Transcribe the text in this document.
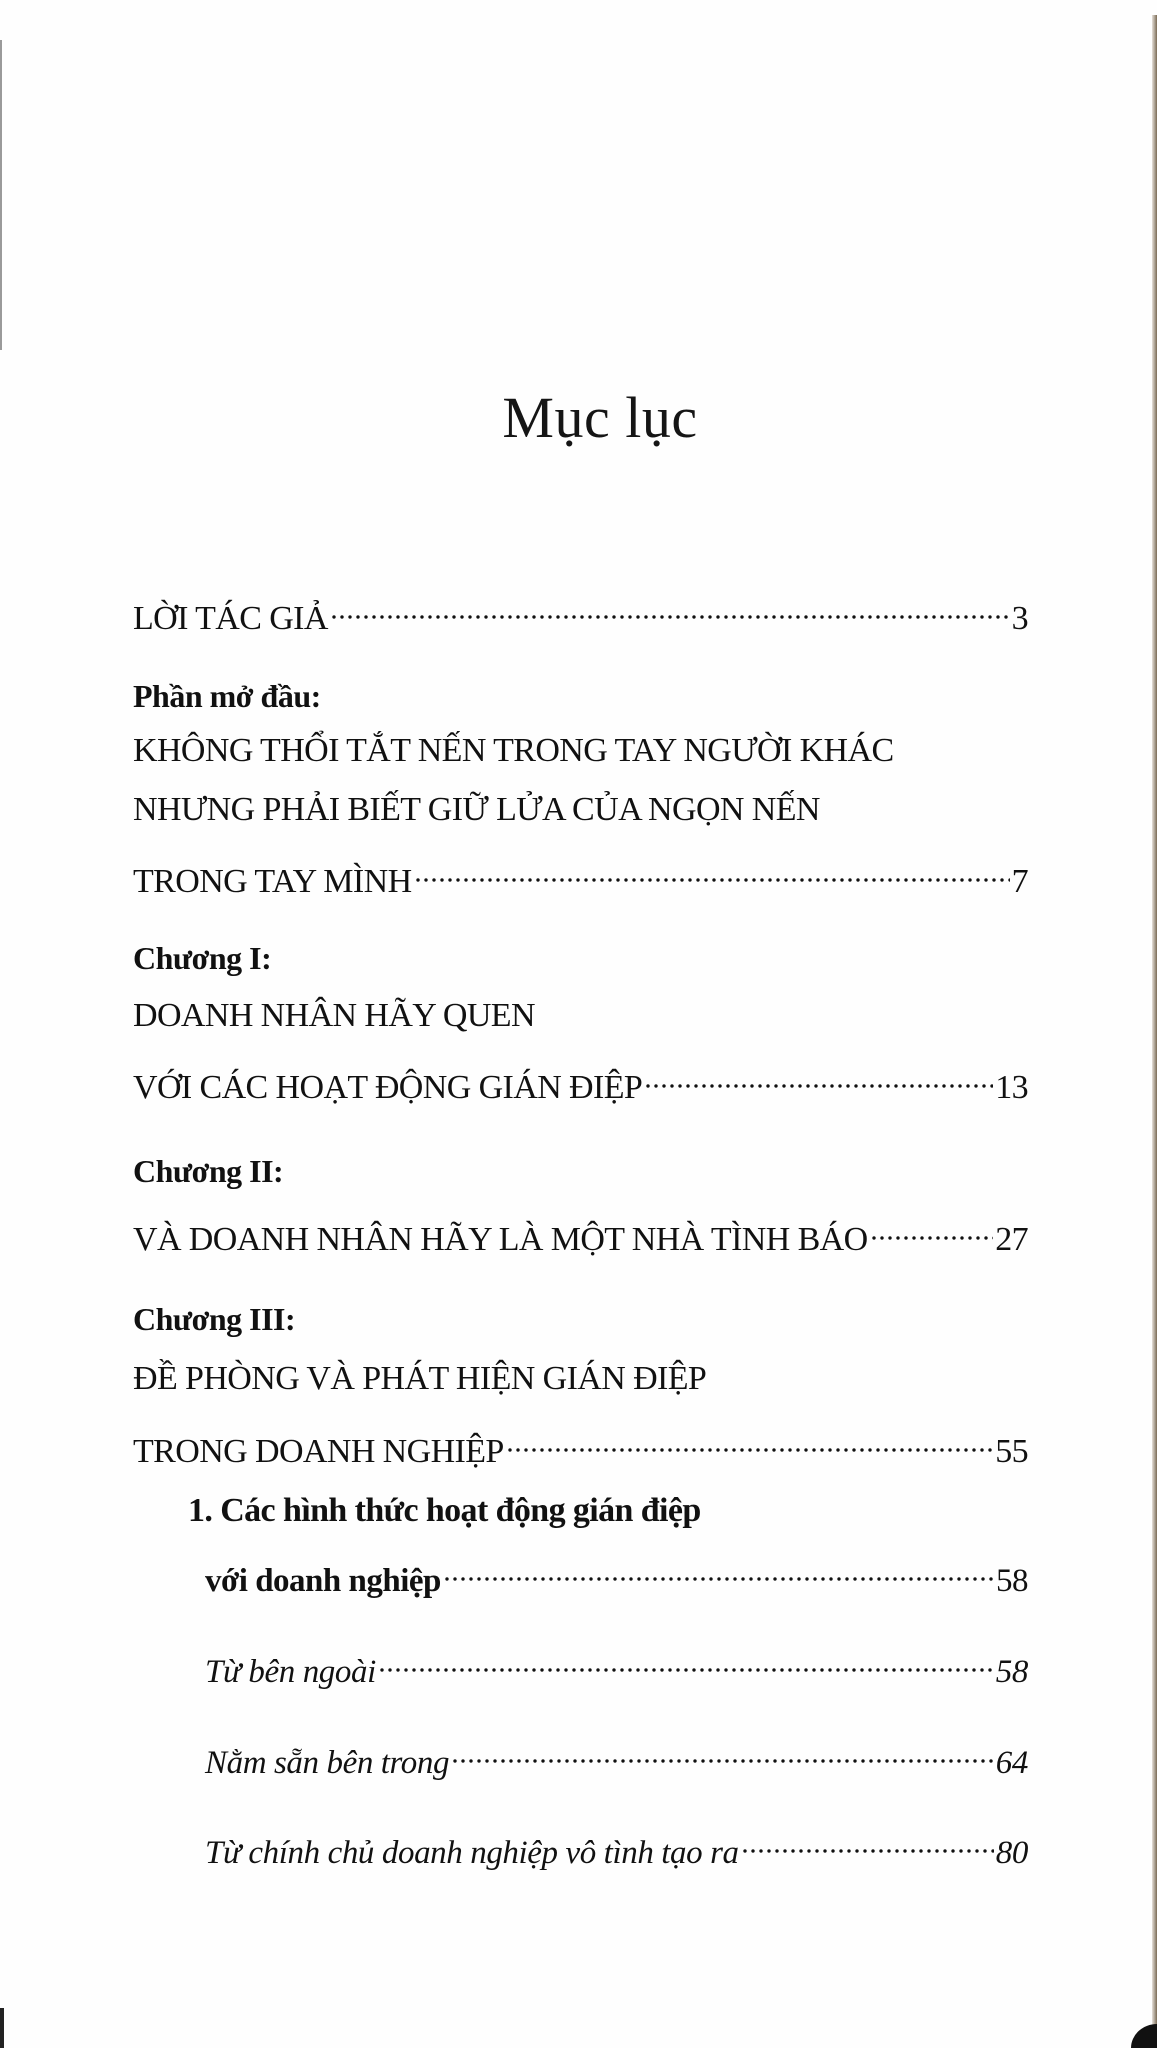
Mục lục
LỜI TÁC GIẢ	3
Phần mở đầu:
KHÔNG THỔI TẮT NẾN TRONG TAY NGƯỜI KHÁC
NHƯNG PHẢI BIẾT GIỮ LỬA CỦA NGỌN NẾN
TRONG TAY MÌNH	7
Chương I:
DOANH NHÂN HÃY QUEN
VỚI CÁC HOẠT ĐỘNG GIÁN ĐIỆP	13
Chương II:
VÀ DOANH NHÂN HÃY LÀ MỘT NHÀ TÌNH BÁO	27
Chương III:
ĐỀ PHÒNG VÀ PHÁT HIỆN GIÁN ĐIỆP
TRONG DOANH NGHIỆP	55
1. Các hình thức hoạt động gián điệp
với doanh nghiệp	58
Từ bên ngoài	58
Nằm sẵn bên trong	64
Từ chính chủ doanh nghiệp vô tình tạo ra	80
